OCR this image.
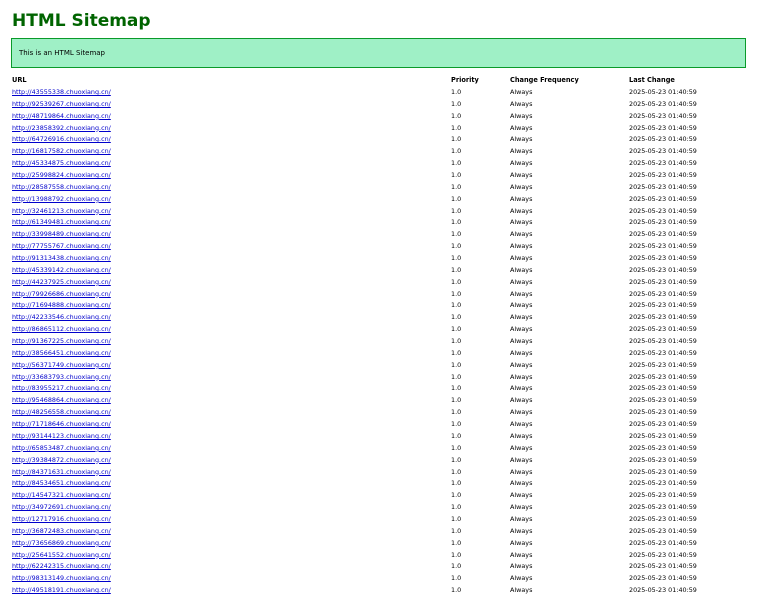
HTML Sitemap
This is an HTML Sitemap
URL	Priority	Change Frequency	Last Change
http://43555338.chuoxiang.cn/	1.0	Always	2025-05-23 01:40:59
http://92539267.chuoxiang.cn/	1.0	Always	2025-05-23 01:40:59
http://48719864.chuoxiang.cn/	1.0	Always	2025-05-23 01:40:59
http://23858392.chuoxiang.cn/	1.0	Always	2025-05-23 01:40:59
http://64726916.chuoxiang.cn/	1.0	Always	2025-05-23 01:40:59
http://16817582.chuoxiang.cn/	1.0	Always	2025-05-23 01:40:59
http://45334875.chuoxiang.cn/	1.0	Always	2025-05-23 01:40:59
http://25998824.chuoxiang.cn/	1.0	Always	2025-05-23 01:40:59
http://28587558.chuoxiang.cn/	1.0	Always	2025-05-23 01:40:59
http://13988792.chuoxiang.cn/	1.0	Always	2025-05-23 01:40:59
http://32461213.chuoxiang.cn/	1.0	Always	2025-05-23 01:40:59
http://61349481.chuoxiang.cn/	1.0	Always	2025-05-23 01:40:59
http://33998489.chuoxiang.cn/	1.0	Always	2025-05-23 01:40:59
http://77755767.chuoxiang.cn/	1.0	Always	2025-05-23 01:40:59
http://91313438.chuoxiang.cn/	1.0	Always	2025-05-23 01:40:59
http://45339142.chuoxiang.cn/	1.0	Always	2025-05-23 01:40:59
http://44237925.chuoxiang.cn/	1.0	Always	2025-05-23 01:40:59
http://79926686.chuoxiang.cn/	1.0	Always	2025-05-23 01:40:59
http://71694888.chuoxiang.cn/	1.0	Always	2025-05-23 01:40:59
http://42233546.chuoxiang.cn/	1.0	Always	2025-05-23 01:40:59
http://86865112.chuoxiang.cn/	1.0	Always	2025-05-23 01:40:59
http://91367225.chuoxiang.cn/	1.0	Always	2025-05-23 01:40:59
http://38566451.chuoxiang.cn/	1.0	Always	2025-05-23 01:40:59
http://56371749.chuoxiang.cn/	1.0	Always	2025-05-23 01:40:59
http://33683793.chuoxiang.cn/	1.0	Always	2025-05-23 01:40:59
http://83955217.chuoxiang.cn/	1.0	Always	2025-05-23 01:40:59
http://95468864.chuoxiang.cn/	1.0	Always	2025-05-23 01:40:59
http://48256558.chuoxiang.cn/	1.0	Always	2025-05-23 01:40:59
http://71718646.chuoxiang.cn/	1.0	Always	2025-05-23 01:40:59
http://93144123.chuoxiang.cn/	1.0	Always	2025-05-23 01:40:59
http://65853487.chuoxiang.cn/	1.0	Always	2025-05-23 01:40:59
http://39384872.chuoxiang.cn/	1.0	Always	2025-05-23 01:40:59
http://84371631.chuoxiang.cn/	1.0	Always	2025-05-23 01:40:59
http://84534651.chuoxiang.cn/	1.0	Always	2025-05-23 01:40:59
http://14547321.chuoxiang.cn/	1.0	Always	2025-05-23 01:40:59
http://34972691.chuoxiang.cn/	1.0	Always	2025-05-23 01:40:59
http://12717916.chuoxiang.cn/	1.0	Always	2025-05-23 01:40:59
http://36872483.chuoxiang.cn/	1.0	Always	2025-05-23 01:40:59
http://73656869.chuoxiang.cn/	1.0	Always	2025-05-23 01:40:59
http://25641552.chuoxiang.cn/	1.0	Always	2025-05-23 01:40:59
http://62242315.chuoxiang.cn/	1.0	Always	2025-05-23 01:40:59
http://98313149.chuoxiang.cn/	1.0	Always	2025-05-23 01:40:59
http://49518191.chuoxiang.cn/	1.0	Always	2025-05-23 01:40:59
